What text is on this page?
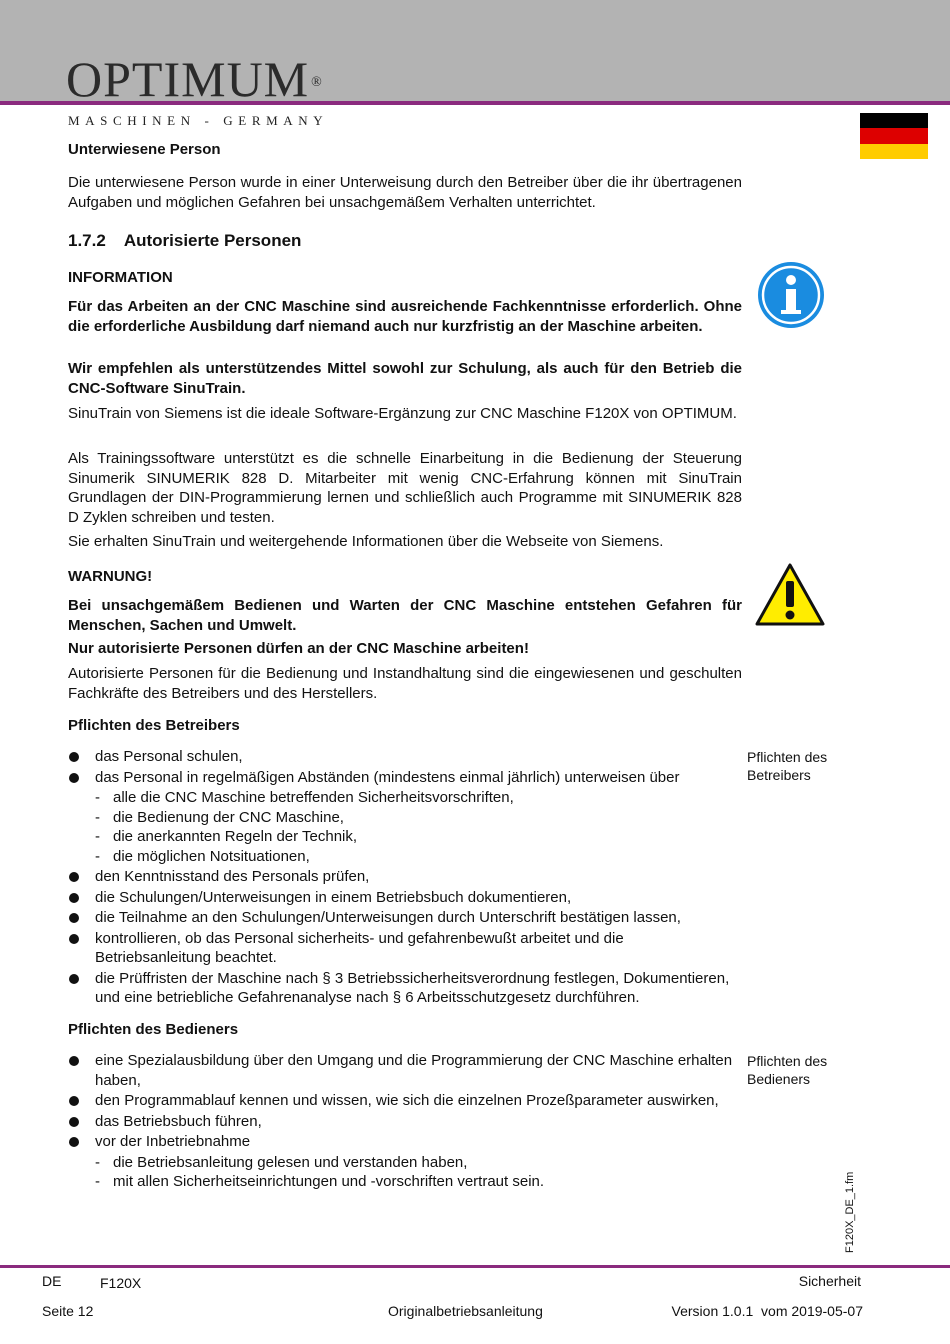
OPTIMUM ®
MASCHINEN - GERMANY
Unterwiesene Person
Die unterwiesene Person wurde in einer Unterweisung durch den Betreiber über die ihr übertragenen Aufgaben und möglichen Gefahren bei unsachgemäßem Verhalten unterrichtet.
1.7.2 Autorisierte Personen
INFORMATION
Für das Arbeiten an der CNC Maschine sind ausreichende Fachkenntnisse erforderlich. Ohne die erforderliche Ausbildung darf niemand auch nur kurzfristig an der Maschine arbeiten.
Wir empfehlen als unterstützendes Mittel sowohl zur Schulung, als auch für den Betrieb die CNC-Software SinuTrain.
SinuTrain von Siemens ist die ideale Software-Ergänzung zur CNC Maschine F120X von OPTIMUM.
Als Trainingssoftware unterstützt es die schnelle Einarbeitung in die Bedienung der Steuerung Sinumerik SINUMERIK 828 D. Mitarbeiter mit wenig CNC-Erfahrung können mit SinuTrain Grundlagen der DIN-Programmierung lernen und schließlich auch Programme mit SINUMERIK 828 D Zyklen schreiben und testen.
Sie erhalten SinuTrain und weitergehende Informationen über die Webseite von Siemens.
WARNUNG!
Bei unsachgemäßem Bedienen und Warten der CNC Maschine entstehen Gefahren für Menschen, Sachen und Umwelt.
Nur autorisierte Personen dürfen an der CNC Maschine arbeiten!
Autorisierte Personen für die Bedienung und Instandhaltung sind die eingewiesenen und geschulten Fachkräfte des Betreibers und des Herstellers.
Pflichten des Betreibers
das Personal schulen,
das Personal in regelmäßigen Abständen (mindestens einmal jährlich) unterweisen über
- alle die CNC Maschine betreffenden Sicherheitsvorschriften,
- die Bedienung der CNC Maschine,
- die anerkannten Regeln der Technik,
- die möglichen Notsituationen,
den Kenntnisstand des Personals prüfen,
die Schulungen/Unterweisungen in einem Betriebsbuch dokumentieren,
die Teilnahme an den Schulungen/Unterweisungen durch Unterschrift bestätigen lassen,
kontrollieren, ob das Personal sicherheits- und gefahrenbewußt arbeitet und die Betriebsanleitung beachtet.
die Prüffristen der Maschine nach § 3 Betriebssicherheitsverordnung festlegen, Dokumentieren, und eine betriebliche Gefahrenanalyse nach § 6 Arbeitsschutzgesetz durchführen.
Pflichten des
Betreibers
Pflichten des Bedieners
eine Spezialausbildung über den Umgang und die Programmierung der CNC Maschine erhalten haben,
den Programmablauf kennen und wissen, wie sich die einzelnen Prozeßparameter auswirken,
das Betriebsbuch führen,
vor der Inbetriebnahme
- die Betriebsanleitung gelesen und verstanden haben,
- mit allen Sicherheitseinrichtungen und -vorschriften vertraut sein.
Pflichten des
Bedieners
F120X_DE_1.fm
DE	F120X	Sicherheit
Seite 12	Originalbetriebsanleitung	Version 1.0.1  vom 2019-05-07
